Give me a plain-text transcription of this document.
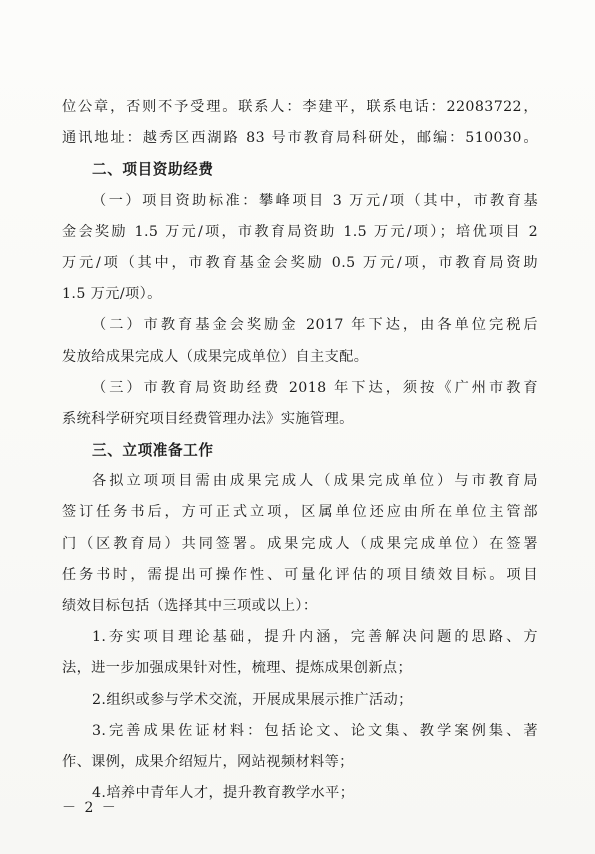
位公章，否则不予受理。联系人：李建平，联系电话：22083722，
通讯地址：越秀区西湖路 83 号市教育局科研处，邮编：510030。
二、项目资助经费
（一）项目资助标准：攀峰项目 3 万元/项（其中，市教育基
金会奖励 1.5 万元/项，市教育局资助 1.5 万元/项）；培优项目 2
万元/项（其中，市教育基金会奖励 0.5 万元/项，市教育局资助
1.5 万元/项）。
（二）市教育基金会奖励金 2017 年下达，由各单位完税后
发放给成果完成人（成果完成单位）自主支配。
（三）市教育局资助经费 2018 年下达，须按《广州市教育
系统科学研究项目经费管理办法》实施管理。
三、立项准备工作
各拟立项项目需由成果完成人（成果完成单位）与市教育局
签订任务书后，方可正式立项，区属单位还应由所在单位主管部
门（区教育局）共同签署。成果完成人（成果完成单位）在签署
任务书时，需提出可操作性、可量化评估的项目绩效目标。项目
绩效目标包括（选择其中三项或以上）：
1.夯实项目理论基础，提升内涵，完善解决问题的思路、方
法，进一步加强成果针对性，梳理、提炼成果创新点；
2.组织或参与学术交流，开展成果展示推广活动；
3.完善成果佐证材料：包括论文、论文集、教学案例集、著
作、课例，成果介绍短片，网站视频材料等；
4.培养中青年人才，提升教育教学水平；
－ 2 －
